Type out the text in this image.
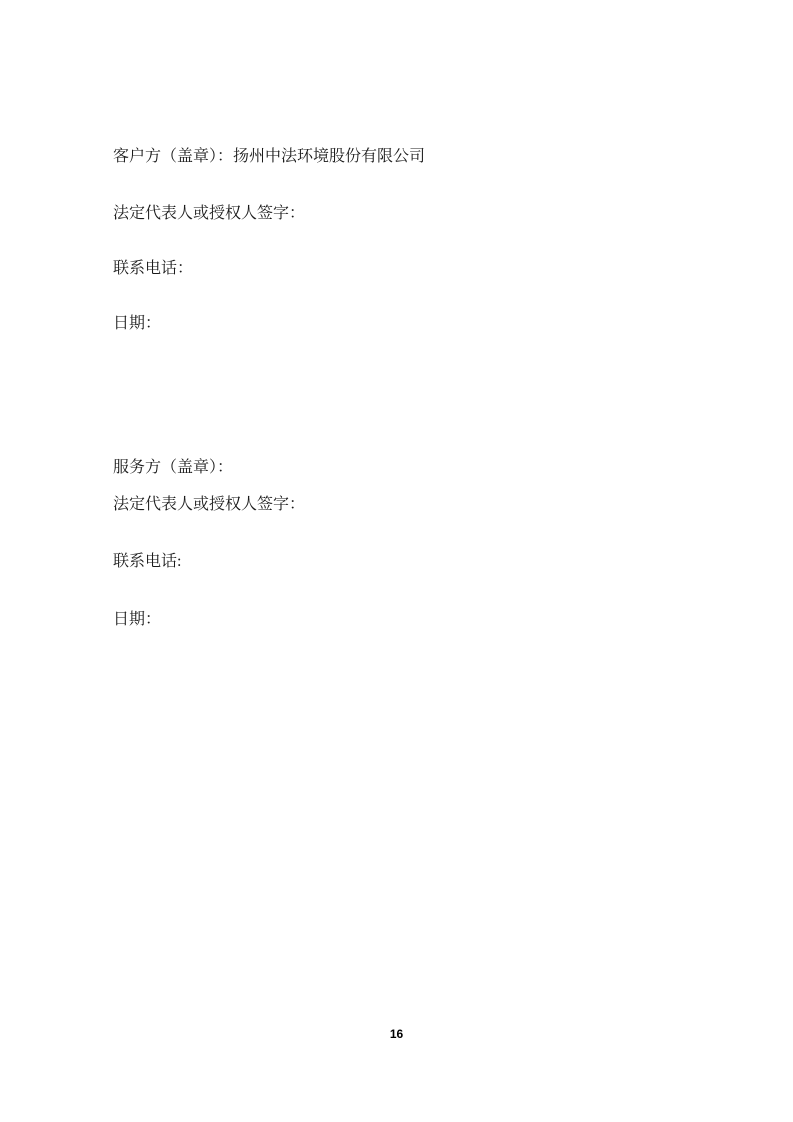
客户方（盖章）：扬州中法环境股份有限公司
法定代表人或授权人签字：
联系电话：
日期：
服务方（盖章）：
法定代表人或授权人签字：
联系电话:
日期：
16
